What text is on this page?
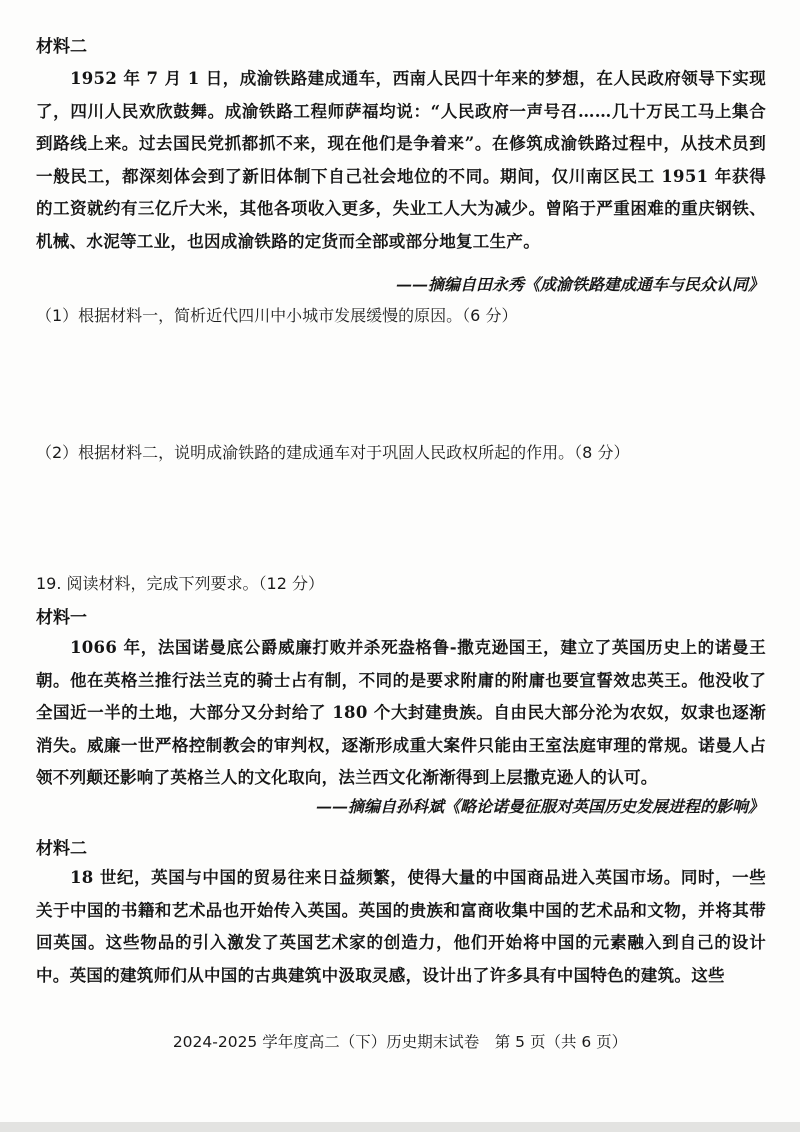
材料二
1952 年 7 月 1 日，成渝铁路建成通车，西南人民四十年来的梦想，在人民政府领导下实现了，四川人民欢欣鼓舞。成渝铁路工程师萨福均说：“人民政府一声号召……几十万民工马上集合到路线上来。过去国民党抓都抓不来，现在他们是争着来”。在修筑成渝铁路过程中，从技术员到一般民工，都深刻体会到了新旧体制下自己社会地位的不同。期间，仅川南区民工 1951 年获得的工资就约有三亿斤大米，其他各项收入更多，失业工人大为减少。曾陷于严重困难的重庆钢铁、机械、水泥等工业，也因成渝铁路的定货而全部或部分地复工生产。
——摘编自田永秀《成渝铁路建成通车与民众认同》
（1）根据材料一，简析近代四川中小城市发展缓慢的原因。（6 分）
（2）根据材料二，说明成渝铁路的建成通车对于巩固人民政权所起的作用。（8 分）
19. 阅读材料，完成下列要求。（12 分）
材料一
1066 年，法国诺曼底公爵威廉打败并杀死盎格鲁-撒克逊国王，建立了英国历史上的诺曼王朝。他在英格兰推行法兰克的骑士占有制，不同的是要求附庸的附庸也要宣誓效忠英王。他没收了全国近一半的土地，大部分又分封给了 180 个大封建贵族。自由民大部分沦为农奴，奴隶也逐渐消失。威廉一世严格控制教会的审判权，逐渐形成重大案件只能由王室法庭审理的常规。诺曼人占领不列颠还影响了英格兰人的文化取向，法兰西文化渐渐得到上层撒克逊人的认可。
——摘编自孙科斌《略论诺曼征服对英国历史发展进程的影响》
材料二
18 世纪，英国与中国的贸易往来日益频繁，使得大量的中国商品进入英国市场。同时，一些关于中国的书籍和艺术品也开始传入英国。英国的贵族和富商收集中国的艺术品和文物，并将其带回英国。这些物品的引入激发了英国艺术家的创造力，他们开始将中国的元素融入到自己的设计中。英国的建筑师们从中国的古典建筑中汲取灵感，设计出了许多具有中国特色的建筑。这些
2024-2025 学年度高二（下）历史期末试卷　第 5 页（共 6 页）
